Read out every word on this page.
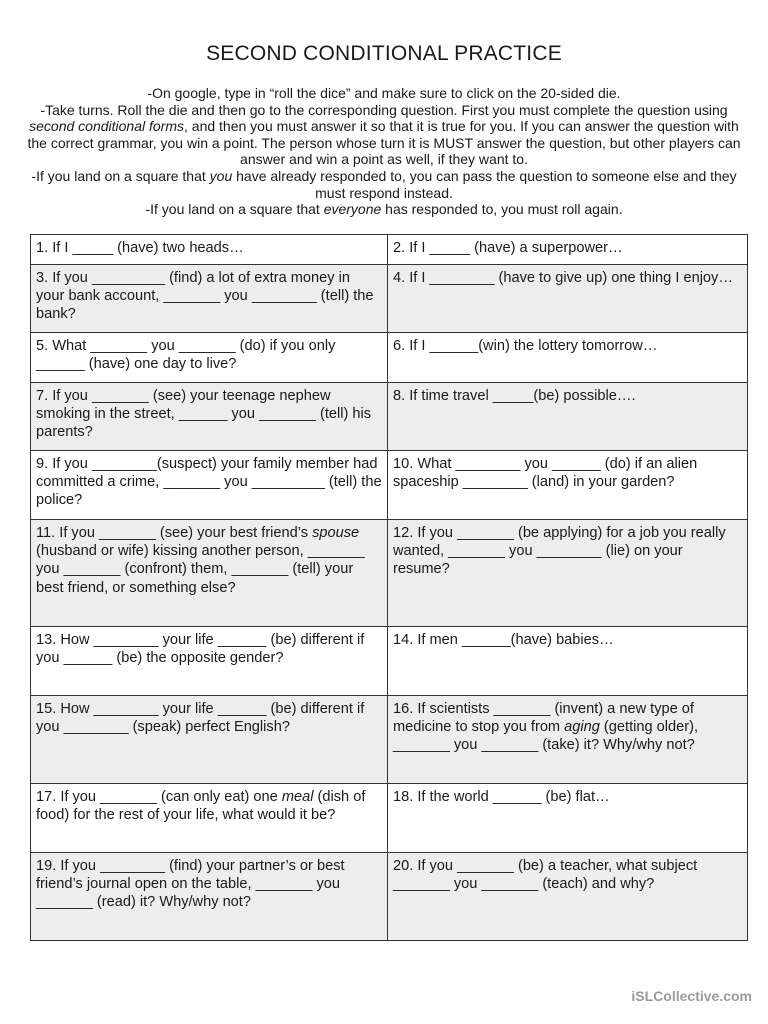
SECOND CONDITIONAL PRACTICE

-On google, type in “roll the dice” and make sure to click on the 20-sided die.

-Take turns. Roll the die and then go to the corresponding question. First you must complete the question using second conditional forms, and then you must answer it so that it is true for you. If you can answer the question with the correct grammar, you win a point. The person whose turn it is MUST answer the question, but other players can answer and win a point as well, if they want to.

-If you land on a square that you have already responded to, you can pass the question to someone else and they must respond instead.

-If you land on a square that everyone has responded to, you must roll again.

1. If I _____ (have) two heads…	2. If I _____ (have) a superpower…
3. If you _________ (find) a lot of extra money in your bank account, _______ you ________ (tell) the bank?	4. If I ________ (have to give up) one thing I enjoy…
5. What _______ you _______ (do) if you only ______ (have) one day to live?	6. If I ______(win) the lottery tomorrow…
7. If you _______ (see) your teenage nephew smoking in the street, ______ you _______ (tell) his parents?	8. If time travel _____(be) possible….
9. If you ________(suspect) your family member had committed a crime, _______ you _________ (tell) the police?	10. What ________ you ______ (do) if an alien spaceship ________ (land) in your garden?
11. If you _______ (see) your best friend’s spouse (husband or wife) kissing another person, _______ you _______ (confront) them, _______ (tell) your best friend, or something else?	12. If you _______ (be applying) for a job you really wanted, _______ you ________ (lie) on your resume?
13. How ________ your life ______ (be) different if you ______ (be) the opposite gender?	14. If men ______(have) babies…
15. How ________ your life ______ (be) different if you ________ (speak) perfect English?	16. If scientists _______ (invent) a new type of medicine to stop you from aging (getting older), _______ you _______ (take) it? Why/why not?
17. If you _______ (can only eat) one meal (dish of food) for the rest of your life, what would it be?	18. If the world ______ (be) flat…
19. If you ________ (find) your partner’s or best friend’s journal open on the table, _______ you _______ (read) it? Why/why not?	20. If you _______ (be) a teacher, what subject _______ you _______ (teach) and why?
iSLCollective.com
